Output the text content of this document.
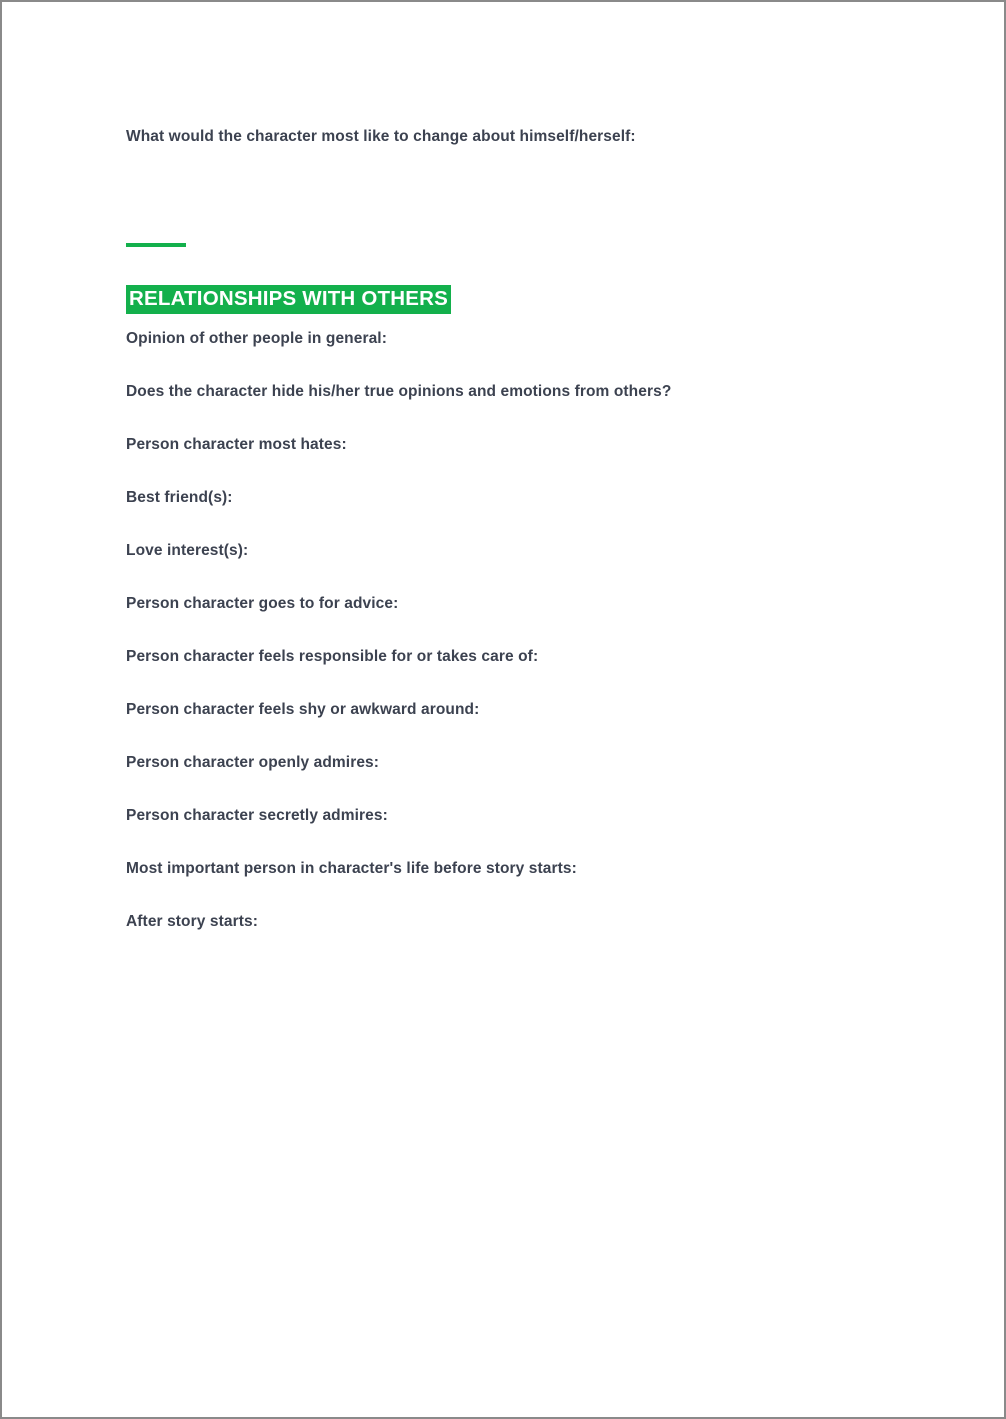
What would the character most like to change about himself/herself:
RELATIONSHIPS WITH OTHERS
Opinion of other people in general:
Does the character hide his/her true opinions and emotions from others?
Person character most hates:
Best friend(s):
Love interest(s):
Person character goes to for advice:
Person character feels responsible for or takes care of:
Person character feels shy or awkward around:
Person character openly admires:
Person character secretly admires:
Most important person in character's life before story starts:
After story starts:
